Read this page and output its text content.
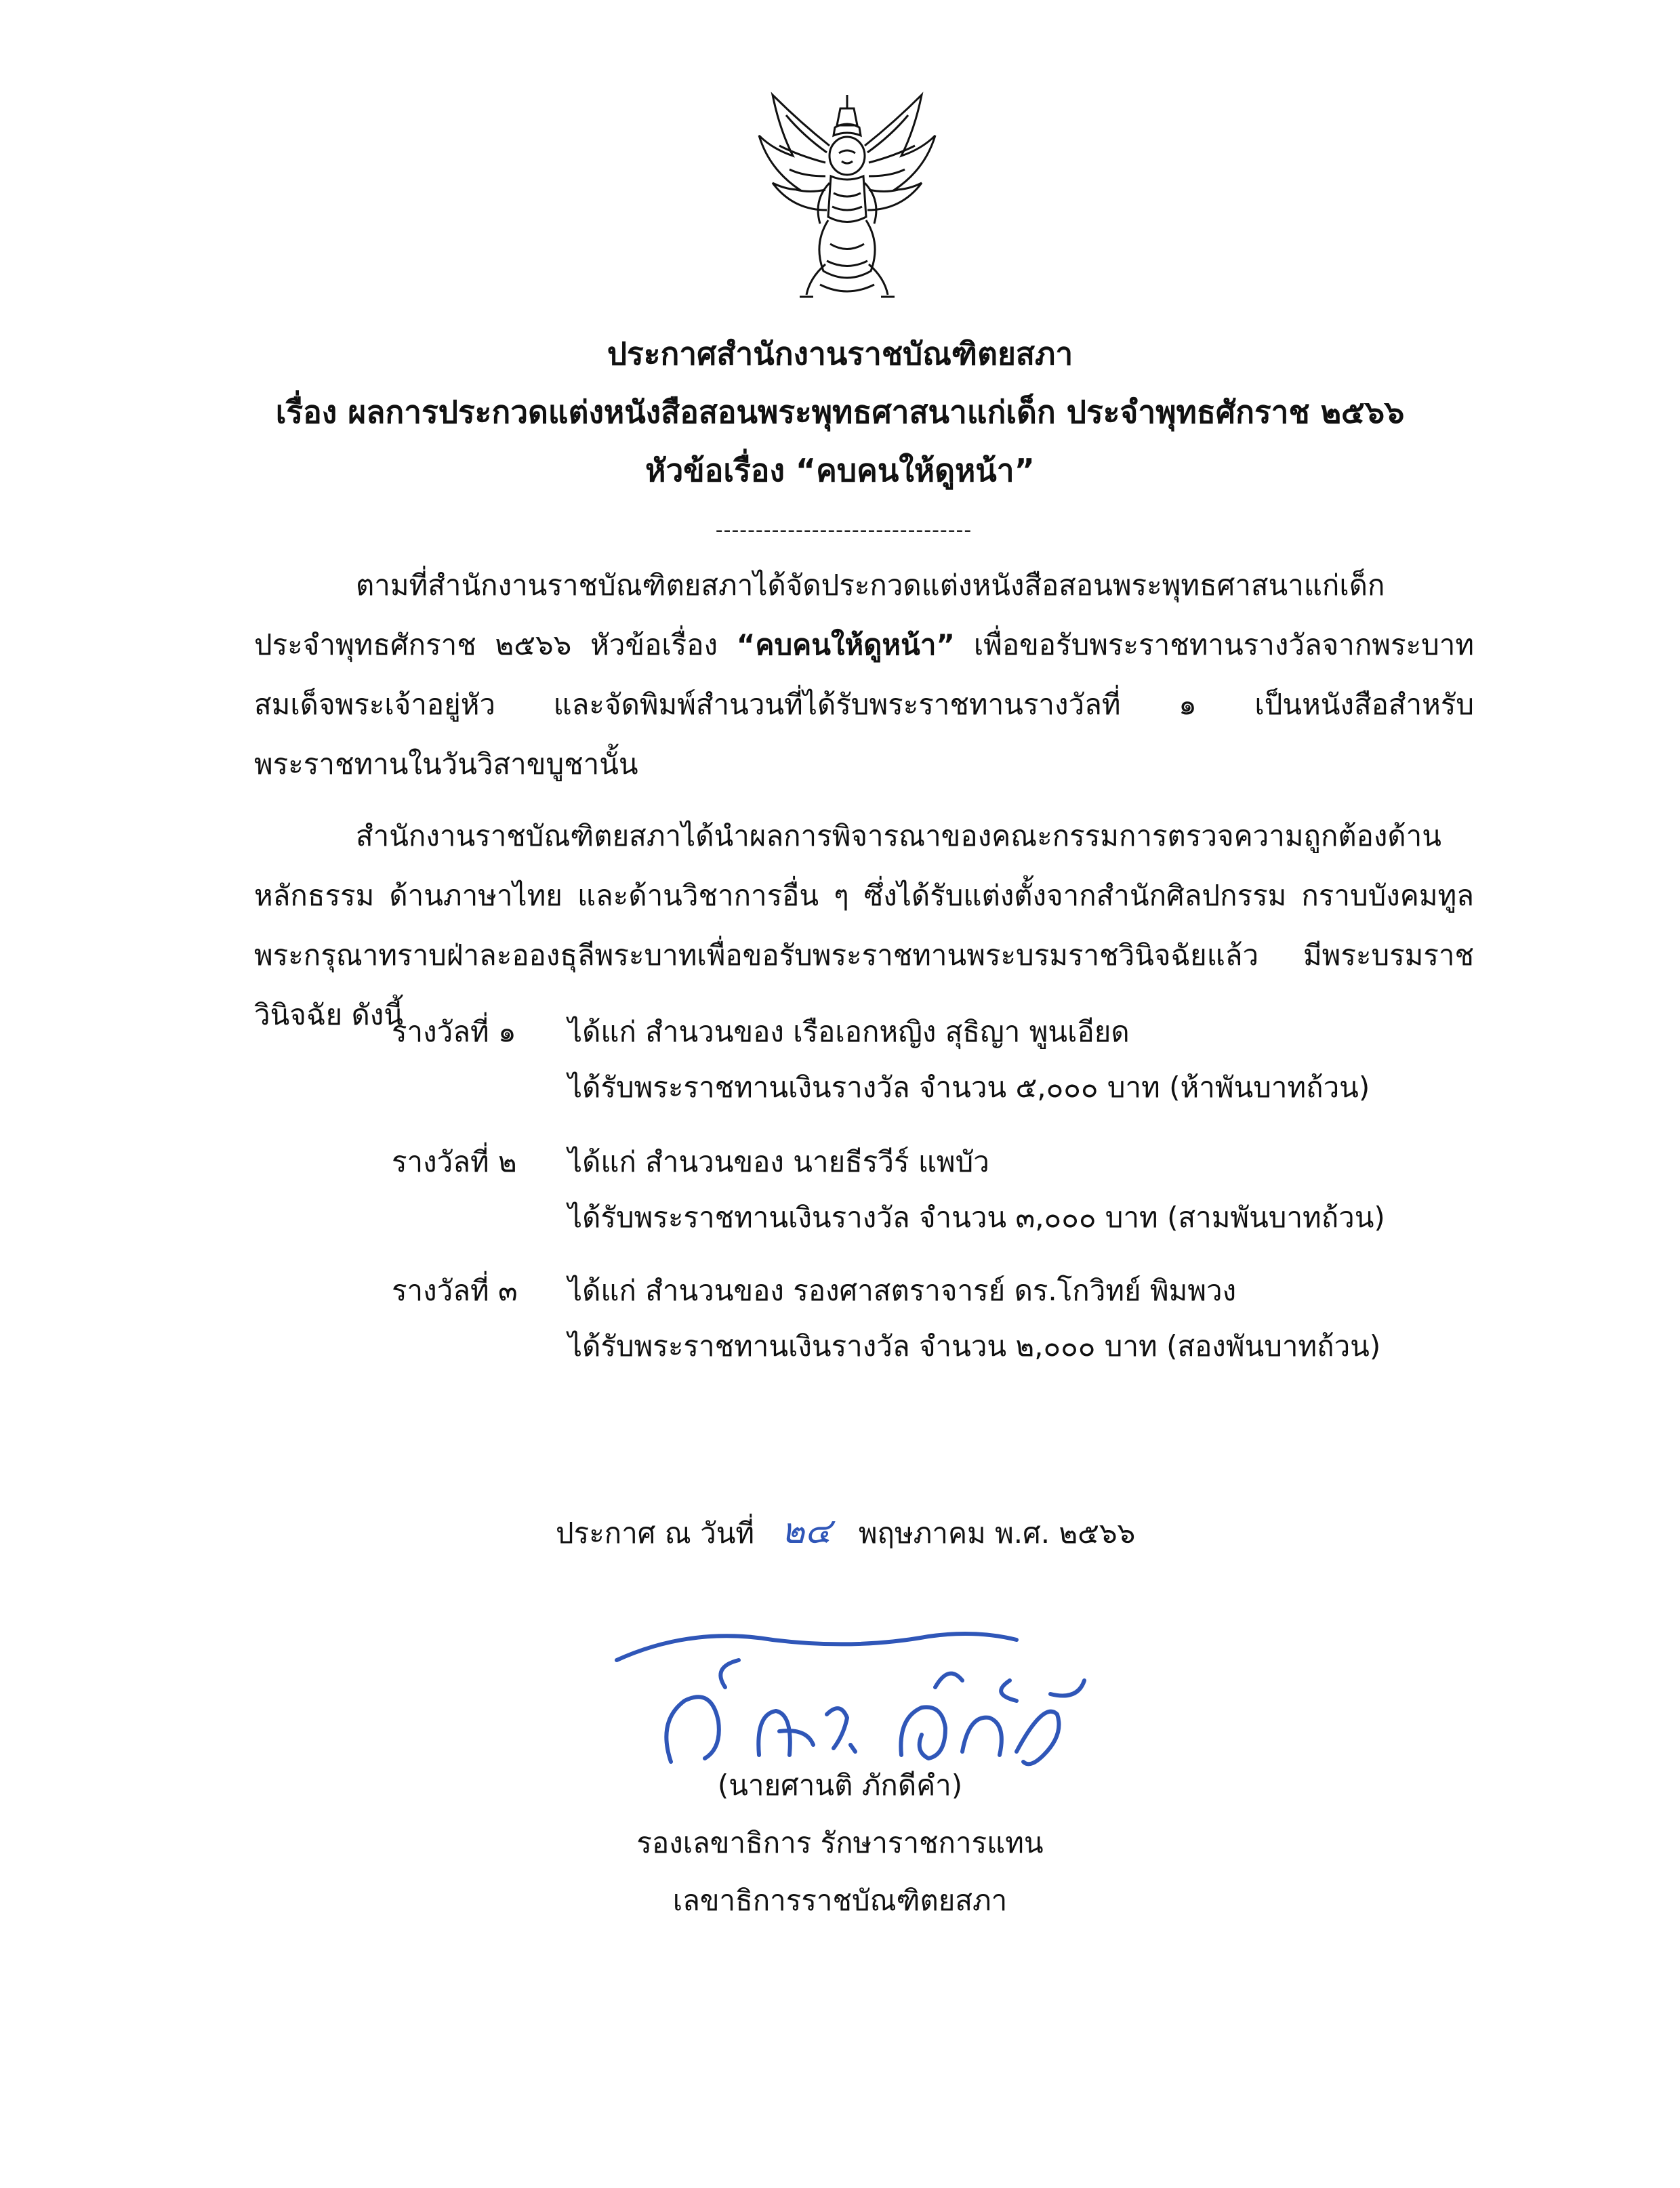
ประกาศสำนักงานราชบัณฑิตยสภา
เรื่อง ผลการประกวดแต่งหนังสือสอนพระพุทธศาสนาแก่เด็ก ประจำพุทธศักราช ๒๕๖๖
หัวข้อเรื่อง “คบคนให้ดูหน้า”
--------------------------------

ตามที่สำนักงานราชบัณฑิตยสภาได้จัดประกวดแต่งหนังสือสอนพระพุทธศาสนาแก่เด็ก ประจำพุทธศักราช ๒๕๖๖ หัวข้อเรื่อง “คบคนให้ดูหน้า” เพื่อขอรับพระราชทานรางวัลจากพระบาทสมเด็จพระเจ้าอยู่หัว และจัดพิมพ์สำนวนที่ได้รับพระราชทานรางวัลที่ ๑ เป็นหนังสือสำหรับพระราชทานในวันวิสาขบูชานั้น

สำนักงานราชบัณฑิตยสภาได้นำผลการพิจารณาของคณะกรรมการตรวจความถูกต้องด้านหลักธรรม ด้านภาษาไทย และด้านวิชาการอื่น ๆ ซึ่งได้รับแต่งตั้งจากสำนักศิลปกรรม กราบบังคมทูลพระกรุณาทราบฝ่าละอองธุลีพระบาทเพื่อขอรับพระราชทานพระบรมราชวินิจฉัยแล้ว มีพระบรมราชวินิจฉัย ดังนี้

รางวัลที่ ๑ ได้แก่ สำนวนของ เรือเอกหญิง สุธิญา พูนเอียด
ได้รับพระราชทานเงินรางวัล จำนวน ๕,๐๐๐ บาท (ห้าพันบาทถ้วน)
รางวัลที่ ๒ ได้แก่ สำนวนของ นายธีรวีร์ แพบัว
ได้รับพระราชทานเงินรางวัล จำนวน ๓,๐๐๐ บาท (สามพันบาทถ้วน)
รางวัลที่ ๓ ได้แก่ สำนวนของ รองศาสตราจารย์ ดร.โกวิทย์ พิมพวง
ได้รับพระราชทานเงินรางวัล จำนวน ๒,๐๐๐ บาท (สองพันบาทถ้วน)
ประกาศ ณ วันที่ ๒๔ พฤษภาคม พ.ศ. ๒๕๖๖
(นายศานติ ภักดีคำ)
รองเลขาธิการ รักษาราชการแทน
เลขาธิการราชบัณฑิตยสภา
